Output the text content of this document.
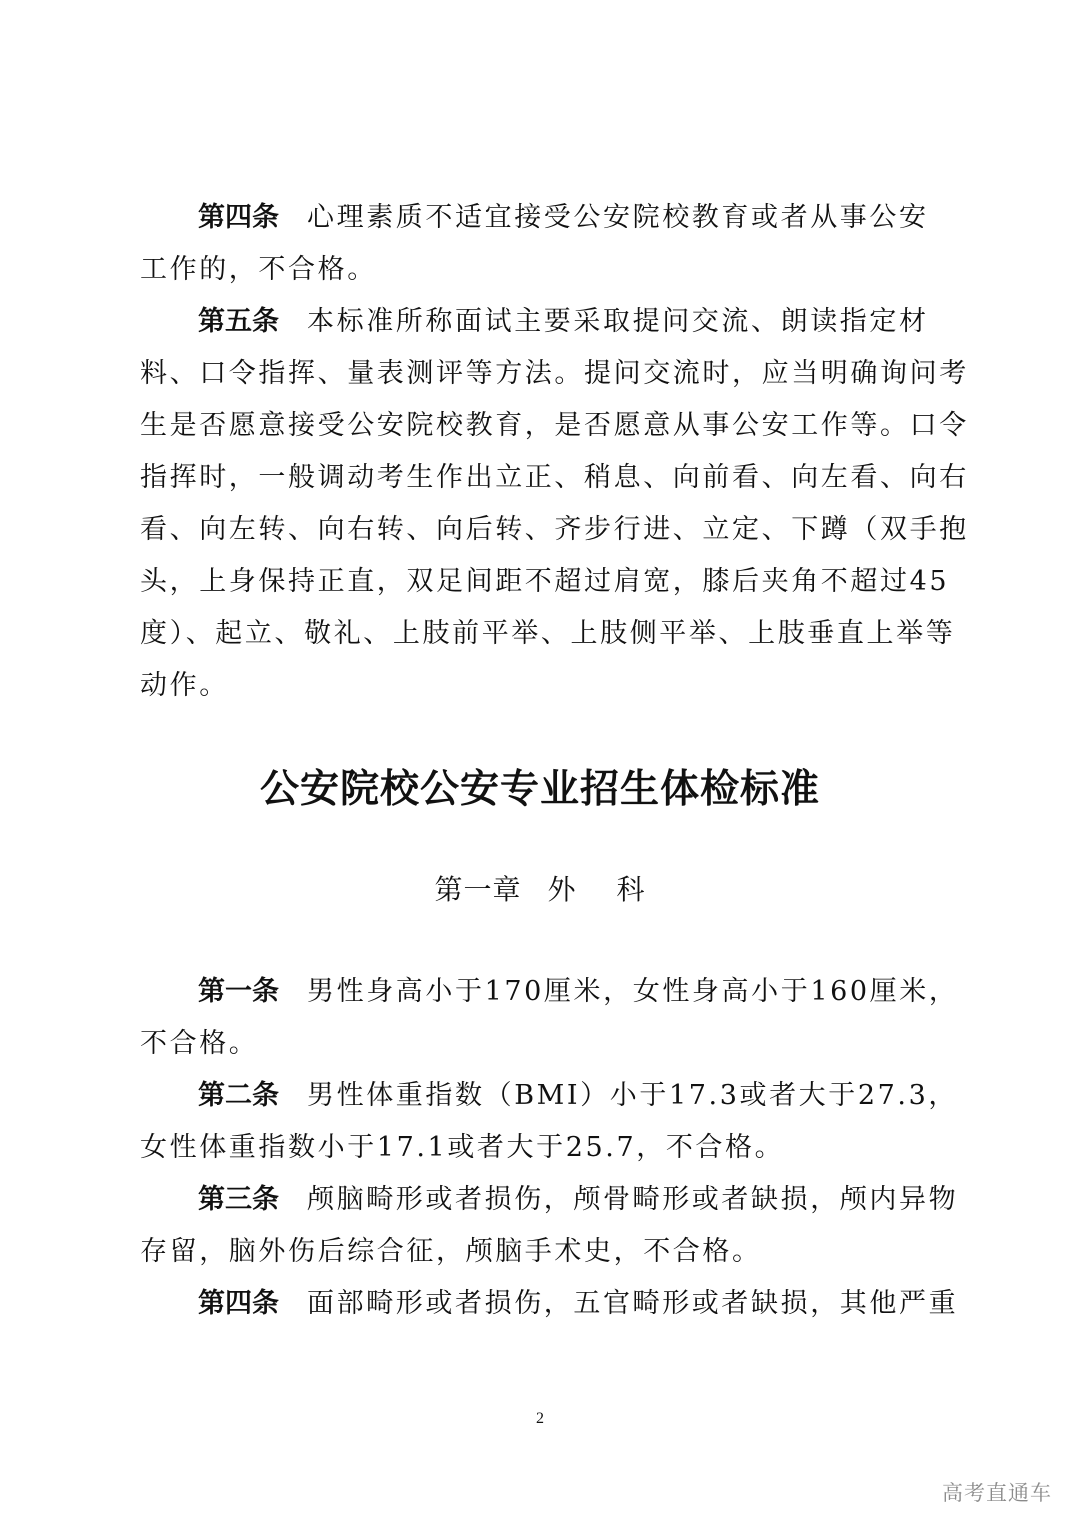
第四条 心理素质不适宜接受公安院校教育或者从事公安
工作的，不合格。
第五条 本标准所称面试主要采取提问交流、朗读指定材
料、口令指挥、量表测评等方法。提问交流时，应当明确询问考
生是否愿意接受公安院校教育，是否愿意从事公安工作等。口令
指挥时，一般调动考生作出立正、稍息、向前看、向左看、向右
看、向左转、向右转、向后转、齐步行进、立定、下蹲（双手抱
头，上身保持正直，双足间距不超过肩宽，膝后夹角不超过45
度）、起立、敬礼、上肢前平举、上肢侧平举、上肢垂直上举等
动作。
公安院校公安专业招生体检标准
第一章 外 科
第一条 男性身高小于170厘米，女性身高小于160厘米，
不合格。
第二条 男性体重指数（BMI）小于17.3或者大于27.3，
女性体重指数小于17.1或者大于25.7，不合格。
第三条 颅脑畸形或者损伤，颅骨畸形或者缺损，颅内异物
存留，脑外伤后综合征，颅脑手术史，不合格。
第四条 面部畸形或者损伤，五官畸形或者缺损，其他严重
2
高考直通车
